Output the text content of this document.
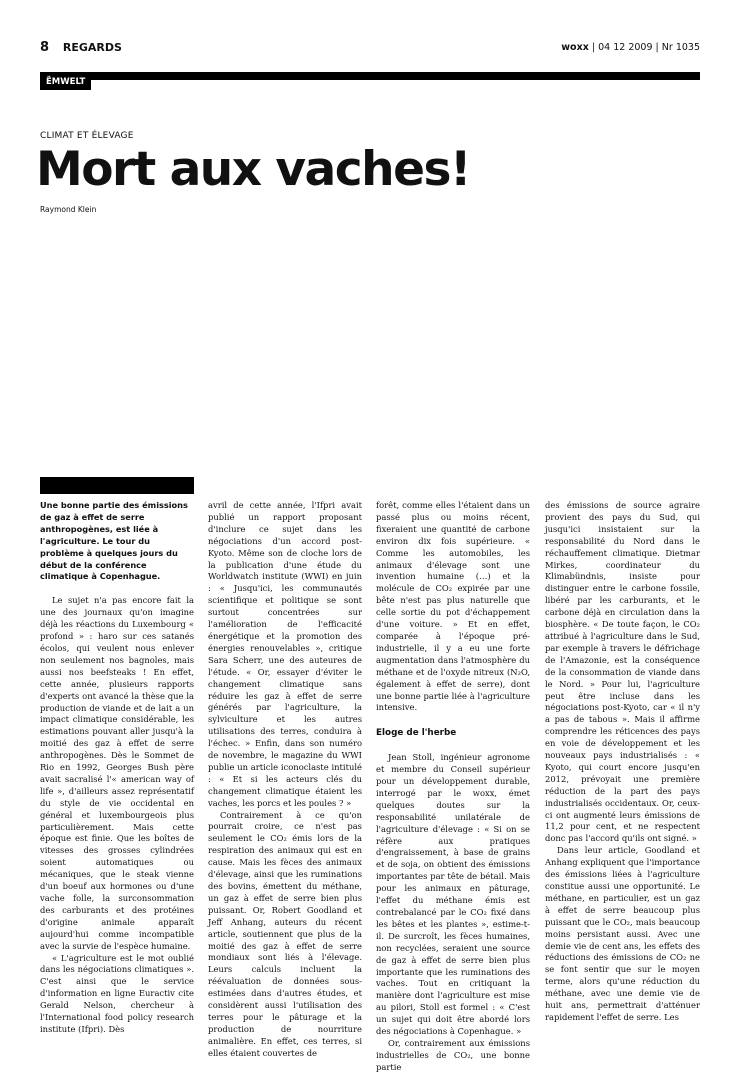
8 REGARDS	woxx | 04 12 2009 | Nr 1035
ËMWELT
CLIMAT ET ÉLEVAGE
Mort aux vaches!
Raymond Klein

Une bonne partie des émissions de gaz à effet de serre anthropogènes, est liée à l'agriculture. Le tour du problème à quelques jours du début de la conférence climatique à Copenhague.

Le sujet n'a pas encore fait la une des journaux qu'on imagine déjà les réactions du Luxembourg « profond » : haro sur ces satanés écolos, qui veulent nous enlever non seulement nos bagnoles, mais aussi nos beefsteaks ! En effet, cette année, plusieurs rapports d'experts ont avancé la thèse que la production de viande et de lait a un impact climatique considérable, les estimations pouvant aller jusqu'à la moitié des gaz à effet de serre anthropogènes. Dès le Sommet de Rio en 1992, Georges Bush père avait sacralisé l'« american way of life », d'ailleurs assez représentatif du style de vie occidental en général et luxembourgeois plus particulièrement. Mais cette époque est finie. Que les boîtes de vitesses des grosses cylindrées soient automatiques ou mécaniques, que le steak vienne d'un boeuf aux hormones ou d'une vache folle, la surconsommation des carburants et des protéines d'origine animale apparaît aujourd'hui comme incompatible avec la survie de l'espèce humaine.

« L'agriculture est le mot oublié dans les négociations climatiques ». C'est ainsi que le service d'information en ligne Euractiv cite Gerald Nelson, chercheur à l'International food policy research institute (Ifpri). Dès

avril de cette année, l'Ifpri avait publié un rapport proposant d'inclure ce sujet dans les négociations d'un accord post-Kyoto. Même son de cloche lors de la publication d'une étude du Worldwatch institute (WWI) en juin : « Jusqu'ici, les communautés scientifique et politique se sont surtout concentrées sur l'amélioration de l'efficacité énergétique et la promotion des énergies renouvelables », critique Sara Scherr, une des auteures de l'étude. « Or, essayer d'éviter le changement climatique sans réduire les gaz à effet de serre générés par l'agriculture, la sylviculture et les autres utilisations des terres, conduira à l'échec. » Enfin, dans son numéro de novembre, le magazine du WWI publie un article iconoclaste intitulé : « Et si les acteurs clés du changement climatique étaient les vaches, les porcs et les poules ? »

Contrairement à ce qu'on pourrait croire, ce n'est pas seulement le CO₂ émis lors de la respiration des animaux qui est en cause. Mais les fèces des animaux d'élevage, ainsi que les ruminations des bovins, émettent du méthane, un gaz à effet de serre bien plus puissant. Or, Robert Goodland et Jeff Anhang, auteurs du récent article, soutiennent que plus de la moitié des gaz à effet de serre mondiaux sont liés à l'élevage. Leurs calculs incluent la réévaluation de données sous-estimées dans d'autres études, et considèrent aussi l'utilisation des terres pour le pâturage et la production de nourriture animalière. En effet, ces terres, si elles étaient couvertes de

forêt, comme elles l'étaient dans un passé plus ou moins récent, fixeraient une quantité de carbone environ dix fois supérieure. « Comme les automobiles, les animaux d'élevage sont une invention humaine (…) et la molécule de CO₂ expirée par une bête n'est pas plus naturelle que celle sortie du pot d'échappement d'une voiture. » Et en effet, comparée à l'époque pré-industrielle, il y a eu une forte augmentation dans l'atmosphère du méthane et de l'oxyde nitreux (N₂O, également à effet de serre), dont une bonne partie liée à l'agriculture intensive.

Eloge de l'herbe

Jean Stoll, ingénieur agronome et membre du Conseil supérieur pour un développement durable, interrogé par le woxx, émet quelques doutes sur la responsabilité unilatérale de l'agriculture d'élevage : « Si on se réfère aux pratiques d'engraissement, à base de grains et de soja, on obtient des émissions importantes par tête de bétail. Mais pour les animaux en pâturage, l'effet du méthane émis est contrebalancé par le CO₂ fixé dans les bêtes et les plantes », estime-t-il. De surcroît, les fèces humaines, non recyclées, seraient une source de gaz à effet de serre bien plus importante que les ruminations des vaches. Tout en critiquant la manière dont l'agriculture est mise au pilori, Stoll est formel : « C'est un sujet qui doit être abordé lors des négociations à Copenhague. »

Or, contrairement aux émissions industrielles de CO₂, une bonne partie

des émissions de source agraire provient des pays du Sud, qui jusqu'ici insistaient sur la responsabilité du Nord dans le réchauffement climatique. Dietmar Mirkes, coordinateur du Klimabündnis, insiste pour distinguer entre le carbone fossile, libéré par les carburants, et le carbone déjà en circulation dans la biosphère. « De toute façon, le CO₂ attribué à l'agriculture dans le Sud, par exemple à travers le défrichage de l'Amazonie, est la conséquence de la consommation de viande dans le Nord. » Pour lui, l'agriculture peut être incluse dans les négociations post-Kyoto, car « il n'y a pas de tabous ». Mais il affirme comprendre les réticences des pays en voie de développement et les nouveaux pays industrialisés : « Kyoto, qui court encore jusqu'en 2012, prévoyait une première réduction de la part des pays industrialisés occidentaux. Or, ceux-ci ont augmenté leurs émissions de 11,2 pour cent, et ne respectent donc pas l'accord qu'ils ont signé. »

Dans leur article, Goodland et Anhang expliquent que l'importance des émissions liées à l'agriculture constitue aussi une opportunité. Le méthane, en particulier, est un gaz à effet de serre beaucoup plus puissant que le CO₂, mais beaucoup moins persistant aussi. Avec une demie vie de cent ans, les effets des réductions des émissions de CO₂ ne se font sentir que sur le moyen terme, alors qu'une réduction du méthane, avec une demie vie de huit ans, permettrait d'atténuer rapidement l'effet de serre. Les
